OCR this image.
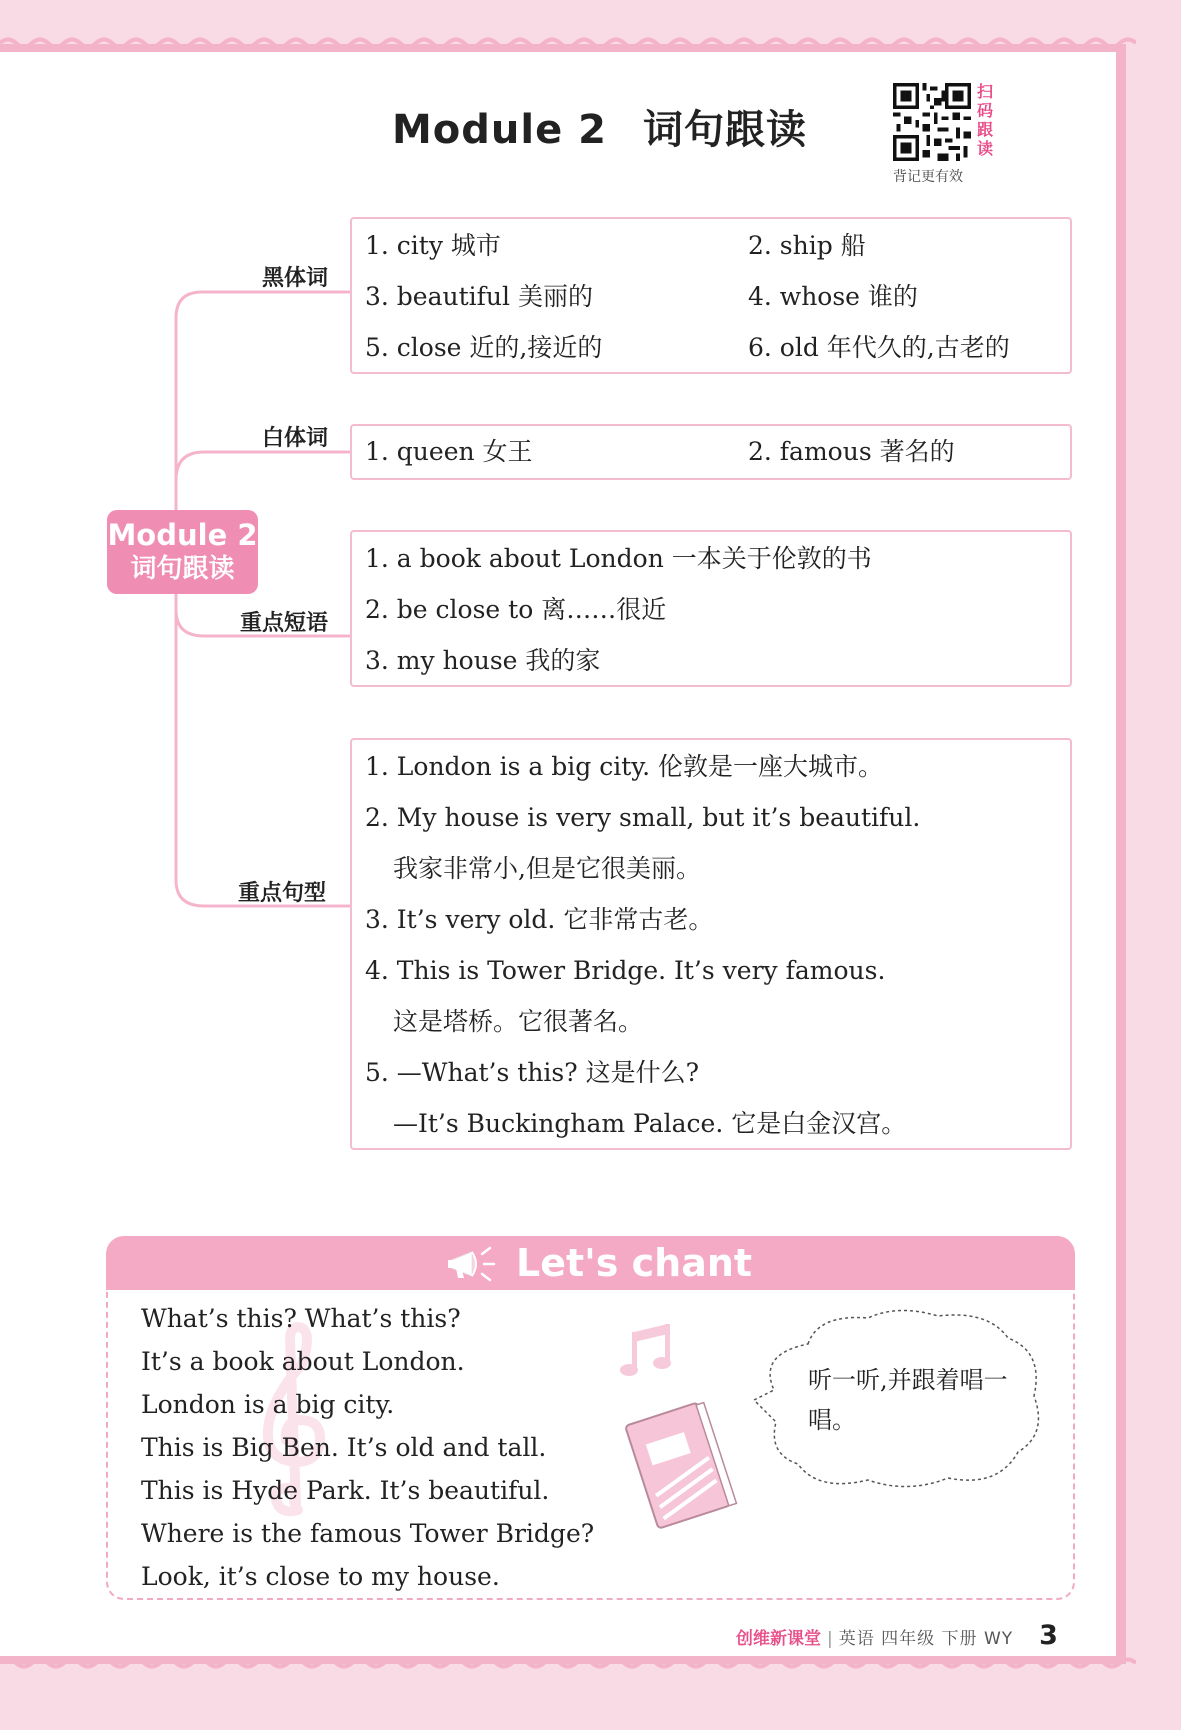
Module 2 词句跟读
扫
码
跟
读
背记更有效
Module 2
词句跟读
黑体词
白体词
重点短语
重点句型
1. city 城市	2. ship 船
3. beautiful 美丽的	4. whose 谁的
5. close 近的,接近的	6. old 年代久的,古老的
1. queen 女王	2. famous 著名的
1. a book about London 一本关于伦敦的书
2. be close to 离……很近
3. my house 我的家
1. London is a big city. 伦敦是一座大城市。
2. My house is very small, but it’s beautiful.
我家非常小,但是它很美丽。
3. It’s very old. 它非常古老。
4. This is Tower Bridge. It’s very famous.
这是塔桥。它很著名。
5. —What’s this? 这是什么?
—It’s Buckingham Palace. 它是白金汉宫。
Let's chant
What’s this? What’s this?
It’s a book about London.
London is a big city.
This is Big Ben. It’s old and tall.
This is Hyde Park. It’s beautiful.
Where is the famous Tower Bridge?
Look, it’s close to my house.
听一听,并跟着唱一唱。
创维新课堂 | 英语 四年级 下册 WY 3
